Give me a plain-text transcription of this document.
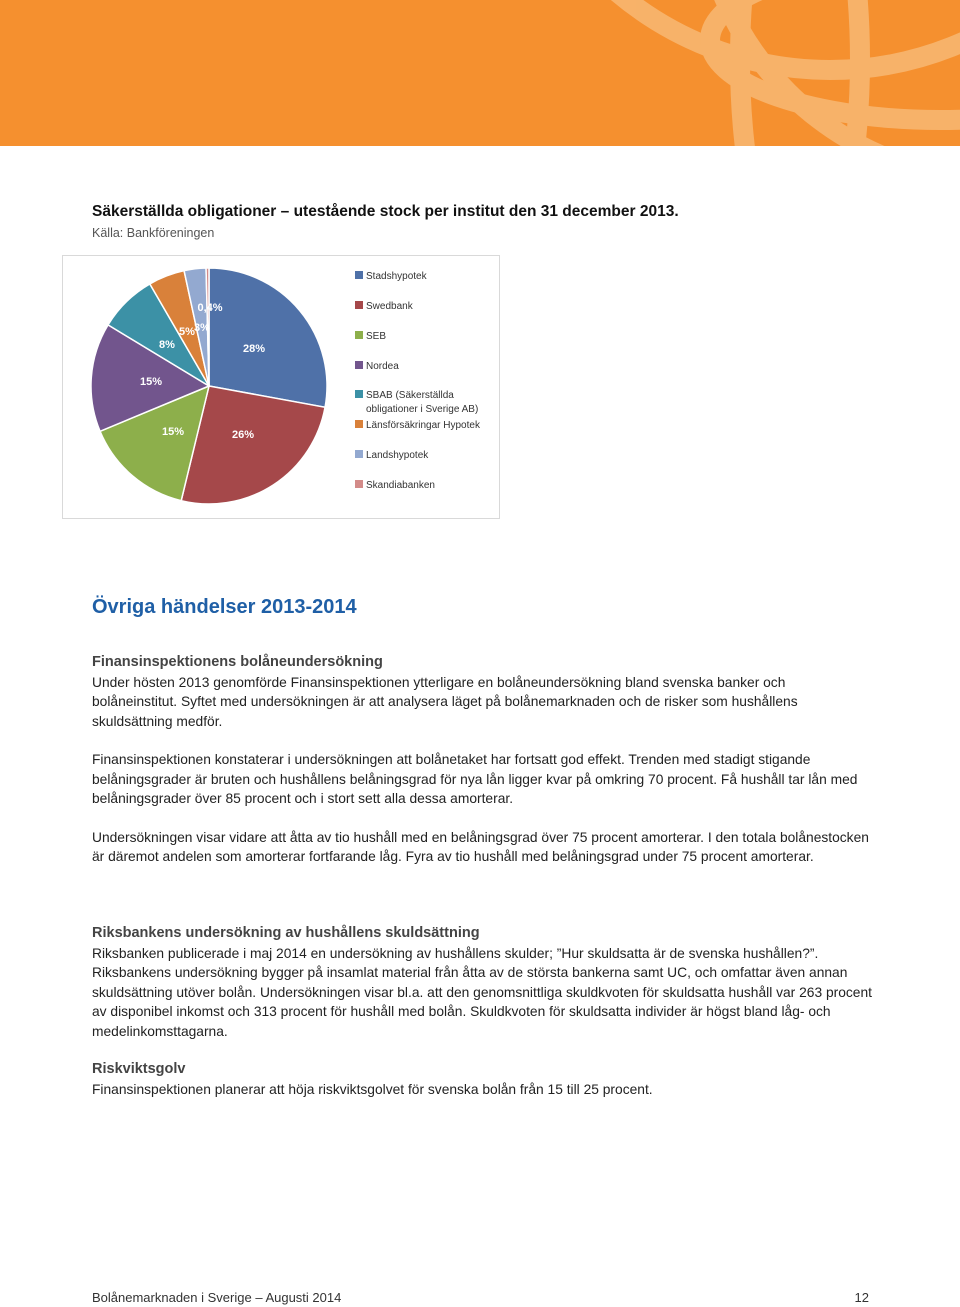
Säkerställda obligationer – utestående stock per institut den 31 december 2013.
Källa: Bankföreningen
28%
26%
15%
15%
8%
5% 3%
0,4%
Stadshypotek
Swedbank
SEB
Nordea
SBAB (Säkerställda
obligationer i Sverige AB)
Länsförsäkringar Hypotek
Landshypotek
Skandiabanken
Övriga händelser 2013-2014
Finansinspektionens bolåneundersökning

Under hösten 2013 genomförde Finansinspektionen ytterligare en bolåneundersökning bland svenska banker och bolåneinstitut. Syftet med undersökningen är att analysera läget på bolånemarknaden och de risker som hushållens skuldsättning medför.

Finansinspektionen konstaterar i undersökningen att bolånetaket har fortsatt god effekt. Trenden med stadigt stigande belåningsgrader är bruten och hushållens belåningsgrad för nya lån ligger kvar på omkring 70 procent. Få hushåll tar lån med belåningsgrader över 85 procent och i stort sett alla dessa amorterar.

Undersökningen visar vidare att åtta av tio hushåll med en belåningsgrad över 75 procent amorterar. I den totala bolånestocken är däremot andelen som amorterar fortfarande låg. Fyra av tio hushåll med belåningsgrad under 75 procent amorterar.

Riksbankens undersökning av hushållens skuldsättning

Riksbanken publicerade i maj 2014 en undersökning av hushållens skulder; ”Hur skuldsatta är de svenska hushållen?”. Riksbankens undersökning bygger på insamlat material från åtta av de största bankerna samt UC, och omfattar även annan skuldsättning utöver bolån. Undersökningen visar bl.a. att den genomsnittliga skuldkvoten för skuldsatta hushåll var 263 procent av disponibel inkomst och 313 procent för hushåll med bolån. Skuldkvoten för skuldsatta individer är högst bland låg- och medelinkomsttagarna.

Riskviktsgolv

Finansinspektionen planerar att höja riskviktsgolvet för svenska bolån från 15 till 25 procent.

Bolånemarknaden i Sverige – Augusti 2014	12
